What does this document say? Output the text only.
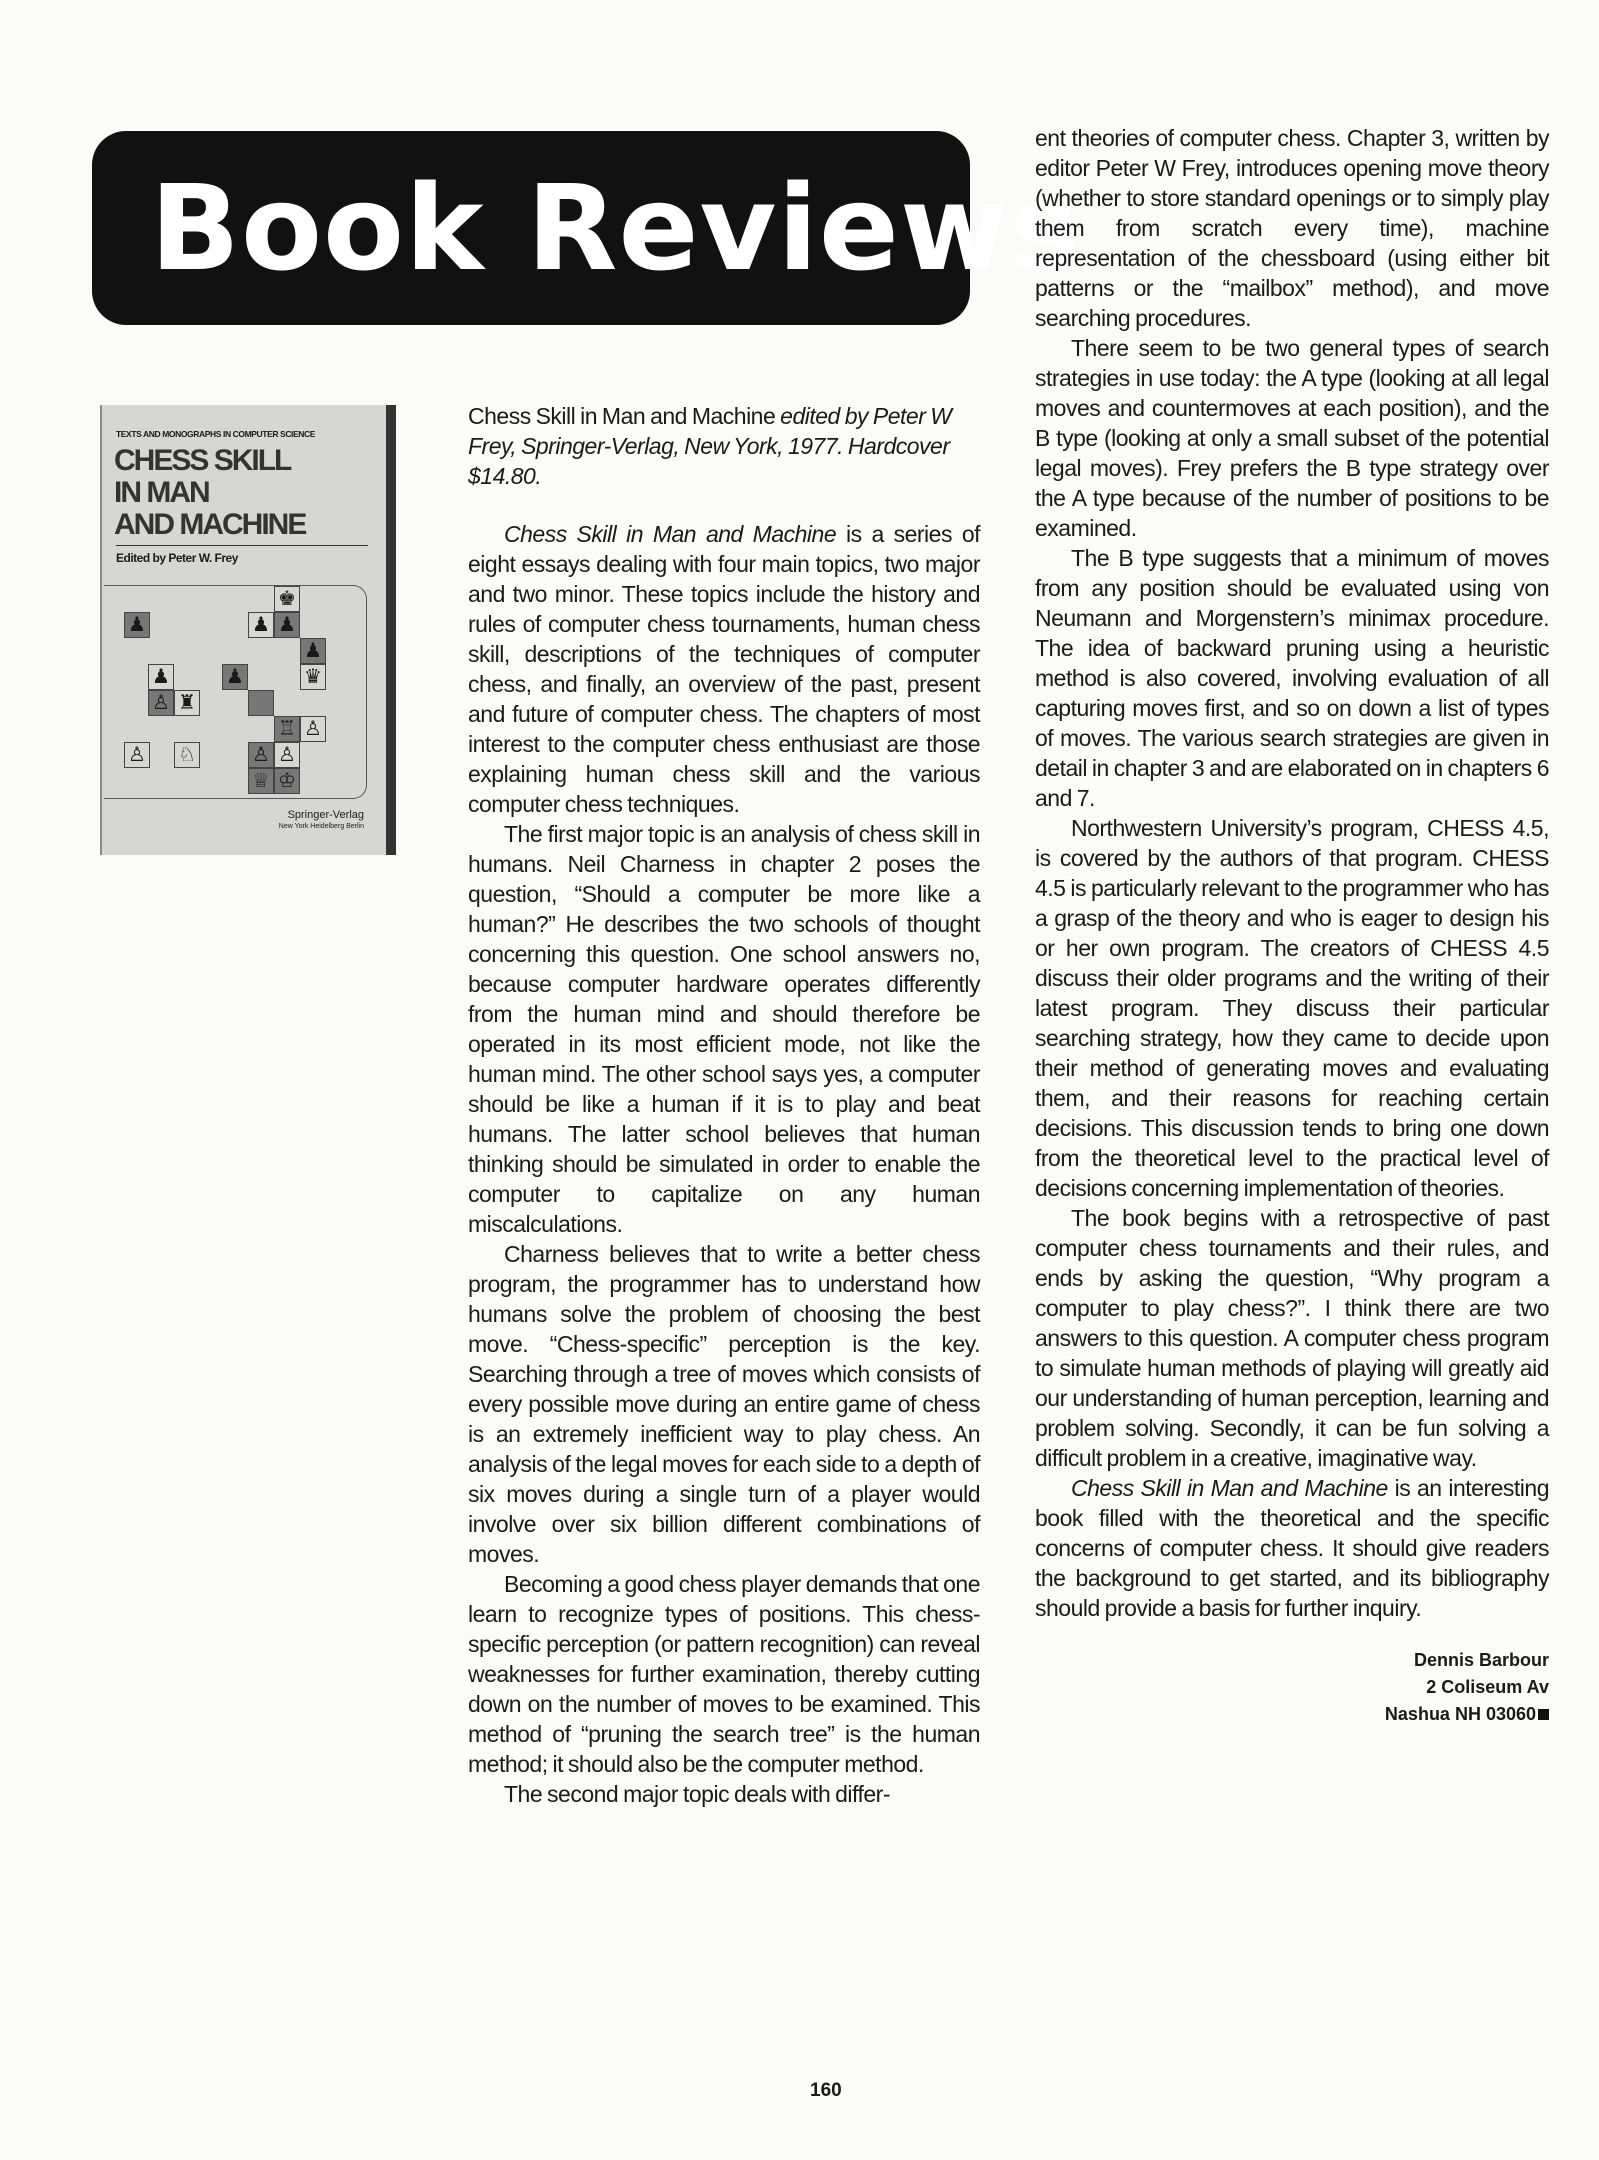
Book Reviews
TEXTS AND MONOGRAPHS IN COMPUTER SCIENCE
CHESS SKILL
IN MAN
AND MACHINE
Edited by Peter W. Frey
♚
♟ ♟
♟
♟
♛
♟
♟
♙ ♜
♖ ♙
♙ ♘	♙ ♙
♕ ♔
Springer-Verlag
New York Heidelberg Berlin

Chess Skill in Man and Machine edited by Peter W Frey, Springer-Verlag, New York, 1977. Hardcover $14.80.

Chess Skill in Man and Machine is a series of eight essays dealing with four main topics, two major and two minor. These topics include the history and rules of computer chess tournaments, human chess skill, descriptions of the techniques of computer chess, and finally, an overview of the past, present and future of computer chess. The chapters of most interest to the computer chess enthusiast are those explaining human chess skill and the various computer chess techniques.

The first major topic is an analysis of chess skill in humans. Neil Charness in chapter 2 poses the question, “Should a computer be more like a human?” He describes the two schools of thought concerning this question. One school answers no, because computer hardware operates differently from the human mind and should therefore be operated in its most efficient mode, not like the human mind. The other school says yes, a computer should be like a human if it is to play and beat humans. The latter school believes that human thinking should be simulated in order to enable the computer to capitalize on any human miscalculations.

Charness believes that to write a better chess program, the programmer has to understand how humans solve the problem of choosing the best move. “Chess-specific” perception is the key. Searching through a tree of moves which consists of every possible move during an entire game of chess is an extremely inefficient way to play chess. An analysis of the legal moves for each side to a depth of six moves during a single turn of a player would involve over six billion different combinations of moves.

Becoming a good chess player demands that one learn to recognize types of positions. This chess-specific perception (or pattern recognition) can reveal weaknesses for further examination, thereby cutting down on the number of moves to be examined. This method of “pruning the search tree” is the human method; it should also be the computer method.

The second major topic deals with differ-

ent theories of computer chess. Chapter 3, written by editor Peter W Frey, introduces opening move theory (whether to store standard openings or to simply play them from scratch every time), machine representation of the chessboard (using either bit patterns or the “mailbox” method), and move searching procedures.

There seem to be two general types of search strategies in use today: the A type (looking at all legal moves and countermoves at each position), and the B type (looking at only a small subset of the potential legal moves). Frey prefers the B type strategy over the A type because of the number of positions to be examined.

The B type suggests that a minimum of moves from any position should be evaluated using von Neumann and Morgenstern’s minimax procedure. The idea of backward pruning using a heuristic method is also covered, involving evaluation of all capturing moves first, and so on down a list of types of moves. The various search strategies are given in detail in chapter 3 and are elaborated on in chapters 6 and 7.

Northwestern University’s program, CHESS 4.5, is covered by the authors of that program. CHESS 4.5 is particularly relevant to the programmer who has a grasp of the theory and who is eager to design his or her own program. The creators of CHESS 4.5 discuss their older programs and the writing of their latest program. They discuss their particular searching strategy, how they came to decide upon their method of generating moves and evaluating them, and their reasons for reaching certain decisions. This discussion tends to bring one down from the theoretical level to the practical level of decisions concerning implementation of theories.

The book begins with a retrospective of past computer chess tournaments and their rules, and ends by asking the question, “Why program a computer to play chess?”. I think there are two answers to this question. A computer chess program to simulate human methods of playing will greatly aid our understanding of human perception, learning and problem solving. Secondly, it can be fun solving a difficult problem in a creative, imaginative way.

Chess Skill in Man and Machine is an interesting book filled with the theoretical and the specific concerns of computer chess. It should give readers the background to get started, and its bibliography should provide a basis for further inquiry.

Dennis Barbour
2 Coliseum Av
Nashua NH 03060
160
